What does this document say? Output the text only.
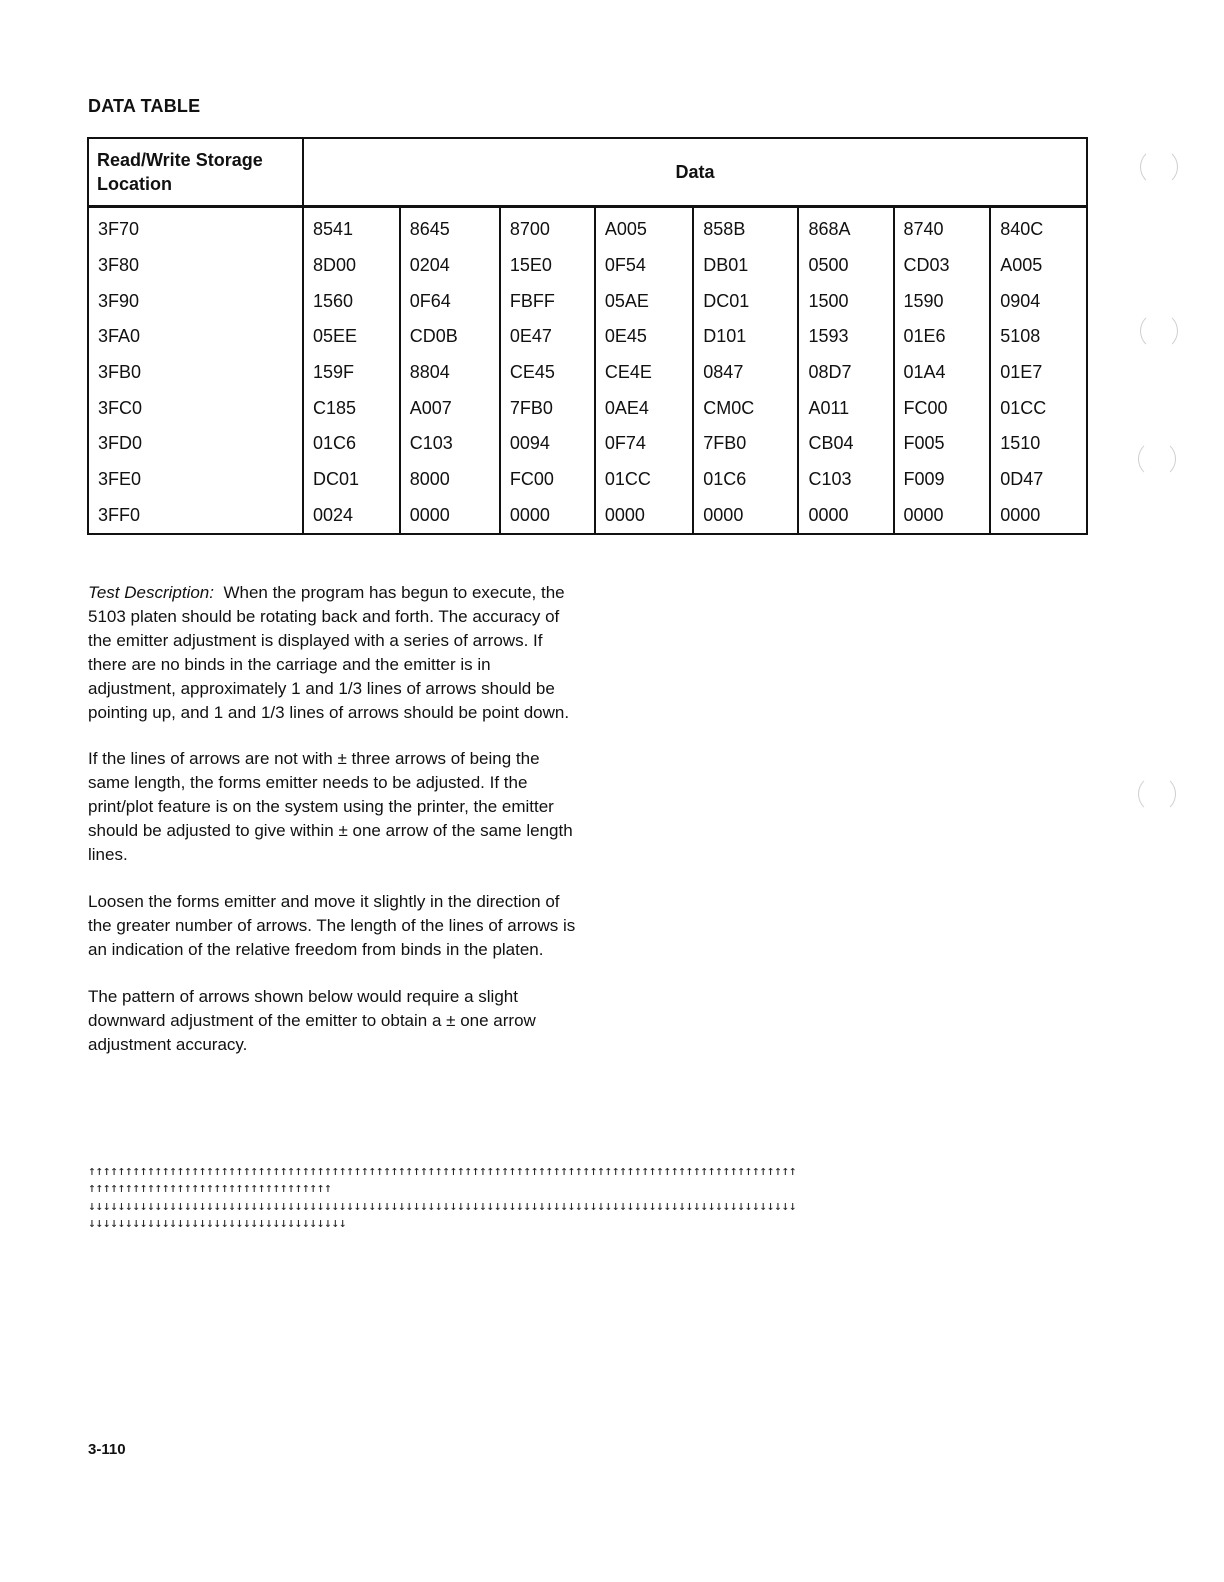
DATA TABLE
Read/Write Storage Location	Data							
3F70	8541	8645	8700	A005	858B	868A	8740	840C
3F80	8D00	0204	15E0	0F54	DB01	0500	CD03	A005
3F90	1560	0F64	FBFF	05AE	DC01	1500	1590	0904
3FA0	05EE	CD0B	0E47	0E45	D101	1593	01E6	5108
3FB0	159F	8804	CE45	CE4E	0847	08D7	01A4	01E7
3FC0	C185	A007	7FB0	0AE4	CM0C	A011	FC00	01CC
3FD0	01C6	C103	0094	0F74	7FB0	CB04	F005	1510
3FE0	DC01	8000	FC00	01CC	01C6	C103	F009	0D47
3FF0	0024	0000	0000	0000	0000	0000	0000	0000

Test Description: When the program has begun to execute, the 5103 platen should be rotating back and forth. The accuracy of the emitter adjustment is displayed with a series of arrows. If there are no binds in the carriage and the emitter is in adjustment, approximately 1 and 1/3 lines of arrows should be pointing up, and 1 and 1/3 lines of arrows should be point down.

If the lines of arrows are not with ± three arrows of being the same length, the forms emitter needs to be adjusted. If the print/plot feature is on the system using the printer, the emitter should be adjusted to give within ± one arrow of the same length lines.

Loosen the forms emitter and move it slightly in the direction of the greater number of arrows. The length of the lines of arrows is an indication of the relative freedom from binds in the platen.

The pattern of arrows shown below would require a slight downward adjustment of the emitter to obtain a ± one arrow adjustment accuracy.

↑↑↑↑↑↑↑↑↑↑↑↑↑↑↑↑↑↑↑↑↑↑↑↑↑↑↑↑↑↑↑↑↑↑↑↑↑↑↑↑↑↑↑↑↑↑↑↑↑↑↑↑↑↑↑↑↑↑↑↑↑↑↑↑↑↑↑↑↑↑↑↑↑↑↑↑↑↑↑↑↑↑↑↑↑↑↑↑↑↑↑↑↑↑↑↑
↑↑↑↑↑↑↑↑↑↑↑↑↑↑↑↑↑↑↑↑↑↑↑↑↑↑↑↑↑↑↑↑↑
↓↓↓↓↓↓↓↓↓↓↓↓↓↓↓↓↓↓↓↓↓↓↓↓↓↓↓↓↓↓↓↓↓↓↓↓↓↓↓↓↓↓↓↓↓↓↓↓↓↓↓↓↓↓↓↓↓↓↓↓↓↓↓↓↓↓↓↓↓↓↓↓↓↓↓↓↓↓↓↓↓↓↓↓↓↓↓↓↓↓↓↓↓↓↓↓
↓↓↓↓↓↓↓↓↓↓↓↓↓↓↓↓↓↓↓↓↓↓↓↓↓↓↓↓↓↓↓↓↓↓↓
3-110
